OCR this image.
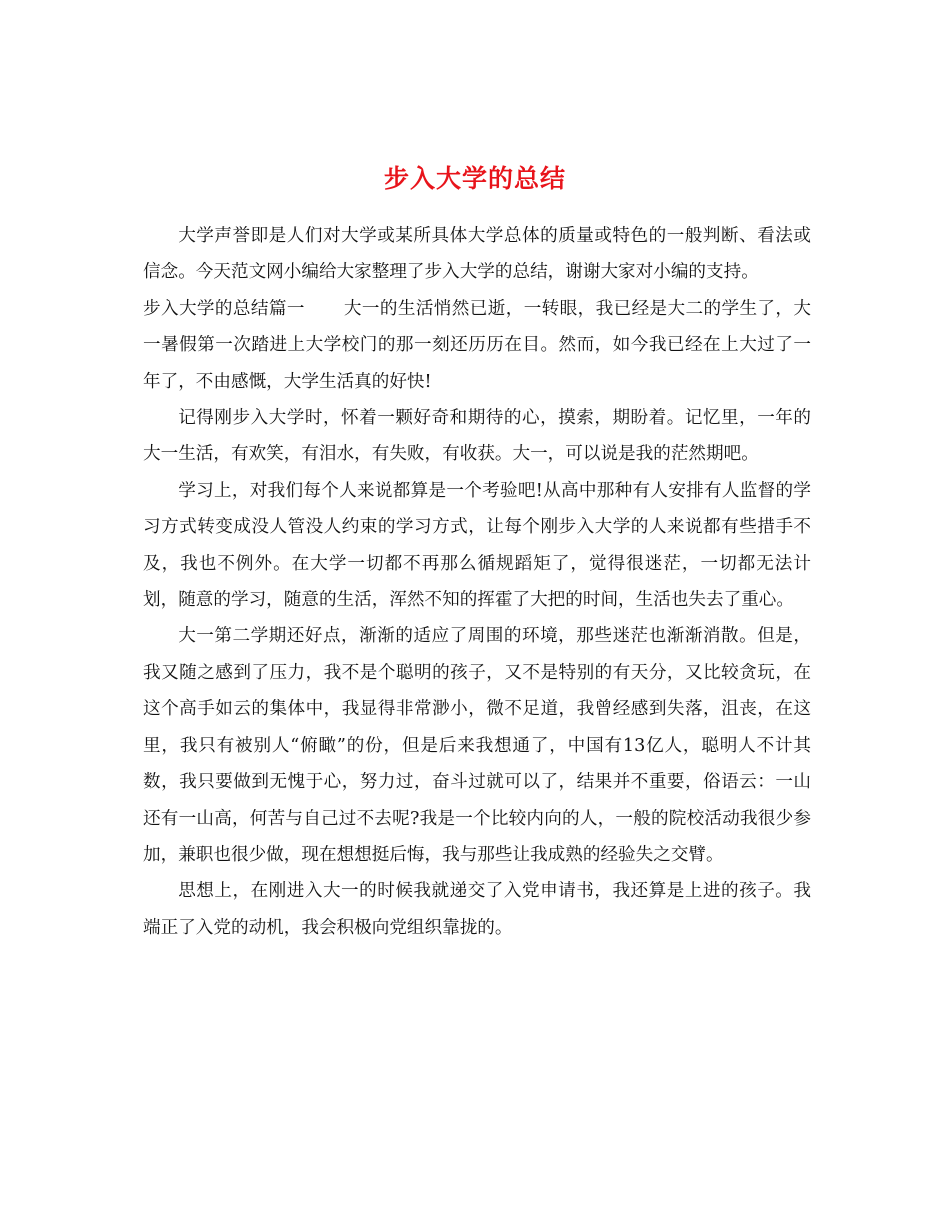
步入大学的总结

大学声誉即是人们对大学或某所具体大学总体的质量或特色的一般判断、看法或信念。今天范文网小编给大家整理了步入大学的总结，谢谢大家对小编的支持。

步入大学的总结篇一 大一的生活悄然已逝，一转眼，我已经是大二的学生了，大一暑假第一次踏进上大学校门的那一刻还历历在目。然而，如今我已经在上大过了一年了，不由感慨，大学生活真的好快!

记得刚步入大学时，怀着一颗好奇和期待的心，摸索，期盼着。记忆里，一年的大一生活，有欢笑，有泪水，有失败，有收获。大一，可以说是我的茫然期吧。

学习上，对我们每个人来说都算是一个考验吧!从高中那种有人安排有人监督的学习方式转变成没人管没人约束的学习方式，让每个刚步入大学的人来说都有些措手不及，我也不例外。在大学一切都不再那么循规蹈矩了，觉得很迷茫，一切都无法计划，随意的学习，随意的生活，浑然不知的挥霍了大把的时间，生活也失去了重心。

大一第二学期还好点，渐渐的适应了周围的环境，那些迷茫也渐渐消散。但是，我又随之感到了压力，我不是个聪明的孩子，又不是特别的有天分，又比较贪玩，在这个高手如云的集体中，我显得非常渺小，微不足道，我曾经感到失落，沮丧，在这里，我只有被别人“俯瞰”的份，但是后来我想通了，中国有13亿人，聪明人不计其数，我只要做到无愧于心，努力过，奋斗过就可以了，结果并不重要，俗语云：一山还有一山高，何苦与自己过不去呢?我是一个比较内向的人，一般的院校活动我很少参加，兼职也很少做，现在想想挺后悔，我与那些让我成熟的经验失之交臂。

思想上，在刚进入大一的时候我就递交了入党申请书，我还算是上进的孩子。我端正了入党的动机，我会积极向党组织靠拢的。
